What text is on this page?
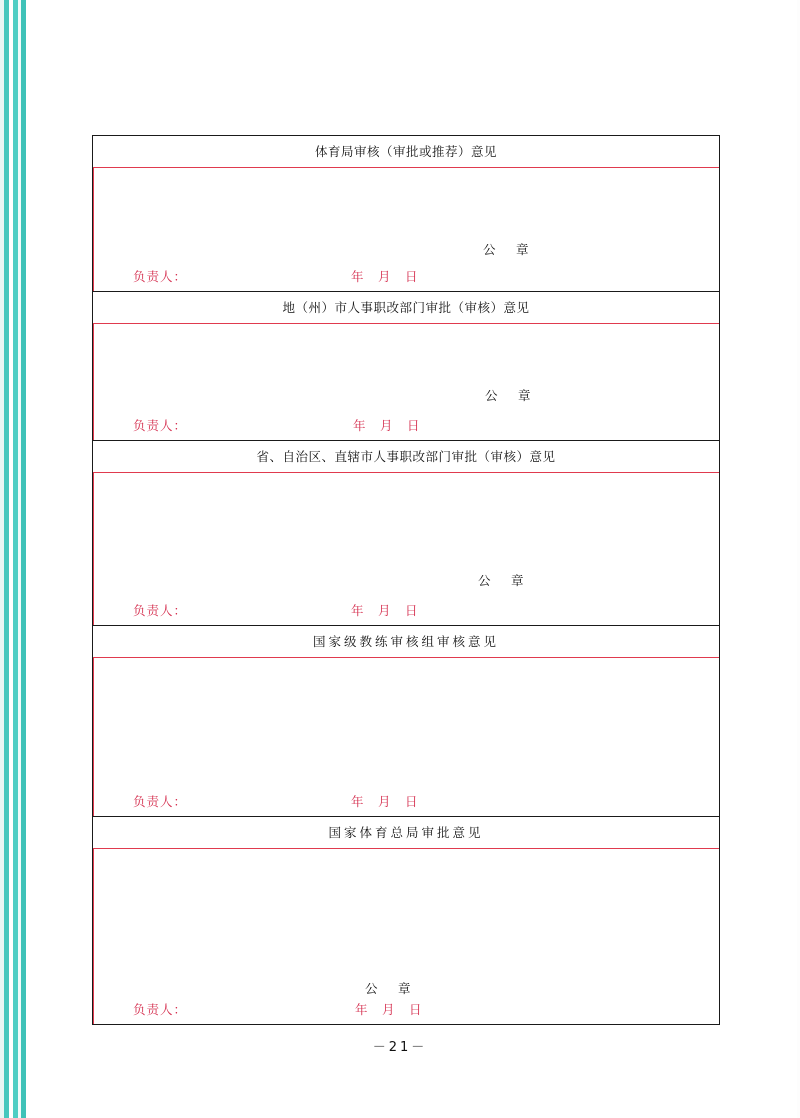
体育局审核（审批或推荐）意见
公　章
负责人：	年　月　日
地（州）市人事职改部门审批（审核）意见
公　章
负责人：	年　月　日
省、自治区、直辖市人事职改部门审批（审核）意见
公　章
负责人：	年　月　日
国家级教练审核组审核意见
负责人：	年　月　日
国家体育总局审批意见
公　章
负责人：	年　月　日
－21－
